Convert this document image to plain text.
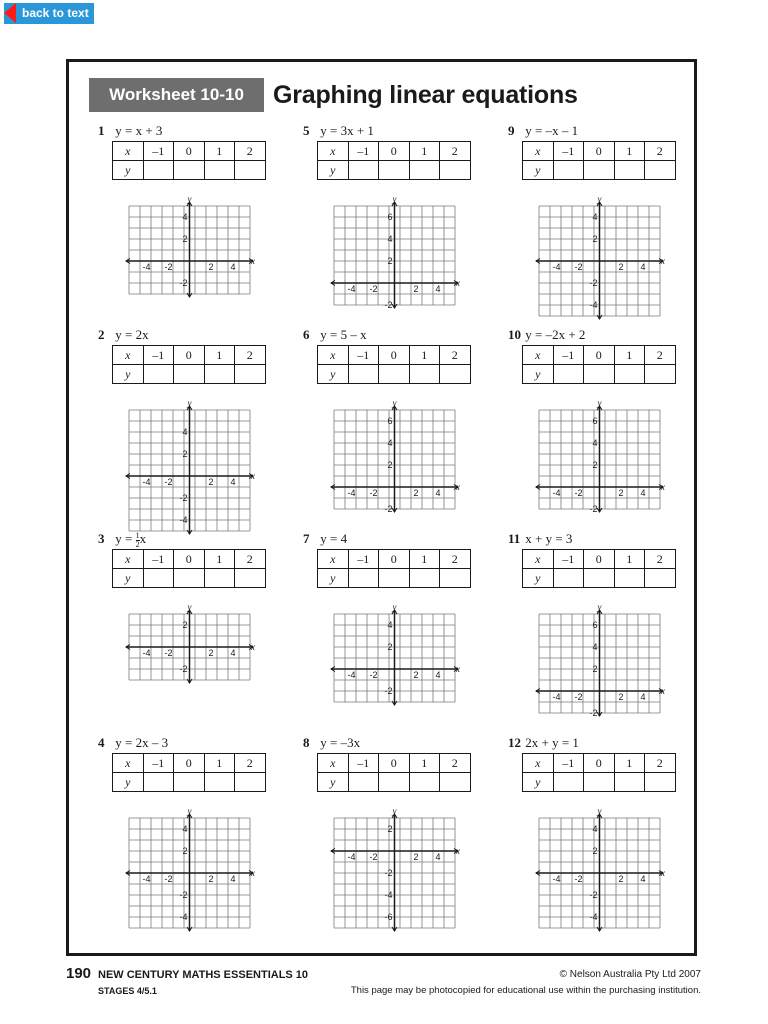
back to text
Worksheet 10-10	Graphing linear equations
1 y = x + 3
x	–1	0	1	2
y				
x
y
-4 -2	2 4
4
2
-2
2 y = 2x
x	–1	0	1	2
y				
x
y
-4 -2	2 4
4
2
-2
-4
3 $y = \frac{1}{2}$ x
x	–1	0	1	2
y				
x
y
-4 -2	2 4
2
-2
4 y = 2x – 3
x	–1	0	1	2
y				
x
y
-4 -2	2 4
4
2
-2
-4
5 y = 3x + 1
x	–1	0	1	2
y				
x
y
-4 -2	2 4
6
4
2
-2
6 y = 5 – x
x	–1	0	1	2
y				
x
y
-4 -2	2 4
6
4
2
-2
7 y = 4
x	–1	0	1	2
y				
x
y
-4 -2	2 4
4
2
-2
8 y = –3x
x	–1	0	1	2
y				
x
y
-4 -2	2 4
2
-2
-4
-6
9 y = –x – 1
x	–1	0	1	2
y				
x
y
-4 -2	2 4
4
2
-2
-4
10 y = –2x + 2
x	–1	0	1	2
y				
x
y
-4 -2	2 4
6
4
2
-2
11 x + y = 3
x	–1	0	1	2
y				
x
y
-4 -2	2 4
6
4
2
-2
12 2x + y = 1
x	–1	0	1	2
y				
x
y
-4 -2	2 4
4
2
-2
-4
190 NEW CENTURY MATHS ESSENTIALS 10
STAGES 4/5.1
© Nelson Australia Pty Ltd 2007
This page may be photocopied for educational use within the purchasing institution.
